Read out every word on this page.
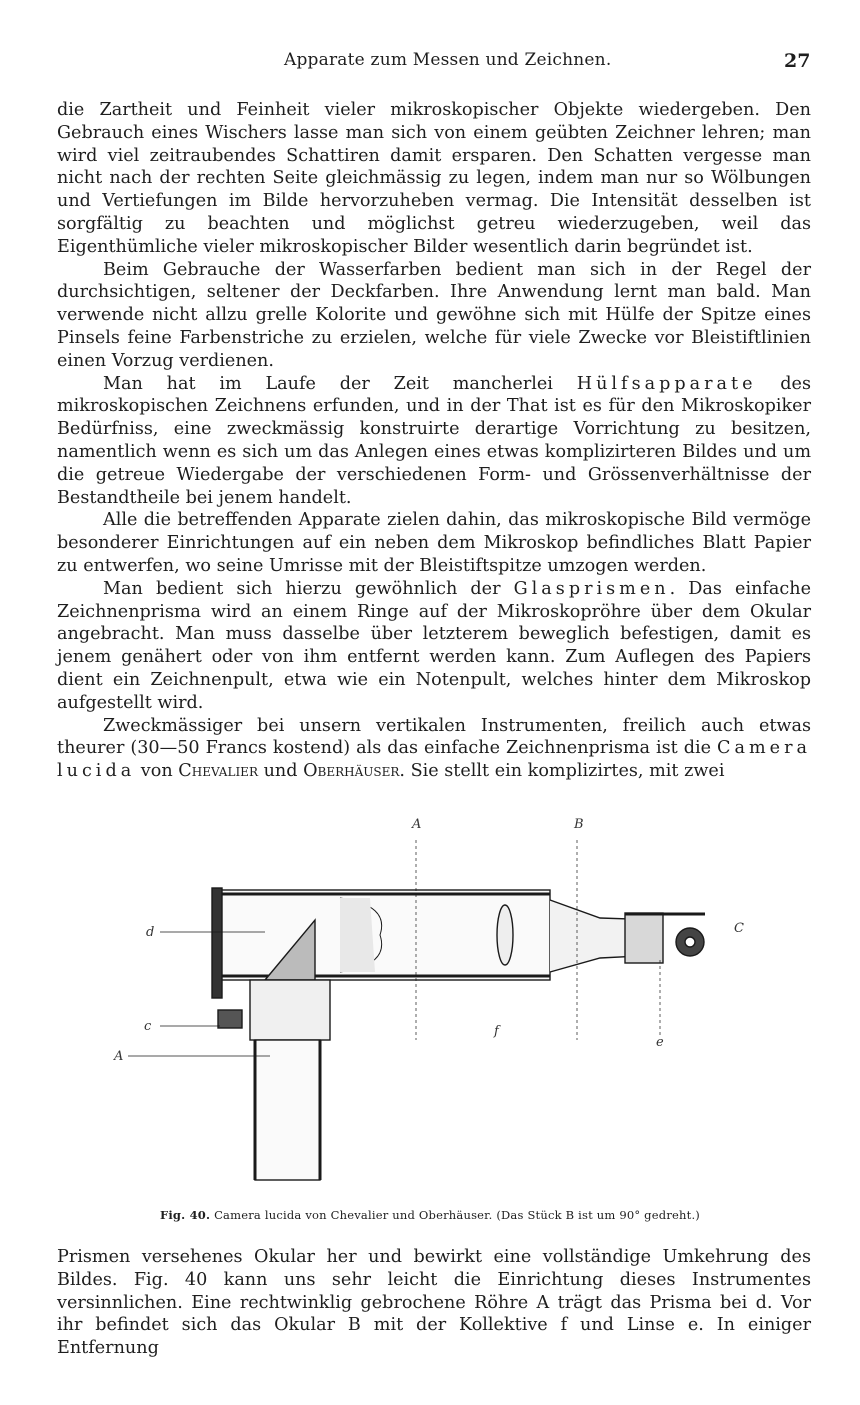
Apparate zum Messen und Zeichnen.	27

die Zartheit und Feinheit vieler mikroskopischer Objekte wiedergeben. Den Gebrauch eines Wischers lasse man sich von einem geübten Zeichner lehren; man wird viel zeitraubendes Schattiren damit ersparen. Den Schatten vergesse man nicht nach der rechten Seite gleichmässig zu legen, indem man nur so Wölbungen und Vertiefungen im Bilde hervorzuheben vermag. Die Intensität desselben ist sorgfältig zu beachten und möglichst getreu wiederzugeben, weil das Eigenthümliche vieler mikroskopischer Bilder wesentlich darin begründet ist.

Beim Gebrauche der Wasserfarben bedient man sich in der Regel der durchsichtigen, seltener der Deckfarben. Ihre Anwendung lernt man bald. Man verwende nicht allzu grelle Kolorite und gewöhne sich mit Hülfe der Spitze eines Pinsels feine Farbenstriche zu erzielen, welche für viele Zwecke vor Bleistiftlinien einen Vorzug verdienen.

Man hat im Laufe der Zeit mancherlei Hülfsapparate des mikroskopischen Zeichnens erfunden, und in der That ist es für den Mikroskopiker Bedürfniss, eine zweckmässig konstruirte derartige Vorrichtung zu besitzen, namentlich wenn es sich um das Anlegen eines etwas komplizirteren Bildes und um die getreue Wiedergabe der verschiedenen Form- und Grössenverhältnisse der Bestandtheile bei jenem handelt.

Alle die betreffenden Apparate zielen dahin, das mikroskopische Bild vermöge besonderer Einrichtungen auf ein neben dem Mikroskop befindliches Blatt Papier zu entwerfen, wo seine Umrisse mit der Bleistiftspitze umzogen werden.

Man bedient sich hierzu gewöhnlich der Glasprismen. Das einfache Zeichnenprisma wird an einem Ringe auf der Mikroskopröhre über dem Okular angebracht. Man muss dasselbe über letzterem beweglich befestigen, damit es jenem genähert oder von ihm entfernt werden kann. Zum Auflegen des Papiers dient ein Zeichnenpult, etwa wie ein Notenpult, welches hinter dem Mikroskop aufgestellt wird.

Zweckmässiger bei unsern vertikalen Instrumenten, freilich auch etwas theurer (30—50 Francs kostend) als das einfache Zeichnenprisma ist die Camera lucida von Chevalier und Oberhäuser. Sie stellt ein komplizirtes, mit zwei

A	B
d
c
A
f
e
C
Fig. 40. Camera lucida von Chevalier und Oberhäuser. (Das Stück B ist um 90° gedreht.)

Prismen versehenes Okular her und bewirkt eine vollständige Umkehrung des Bildes. Fig. 40 kann uns sehr leicht die Einrichtung dieses Instrumentes versinnlichen. Eine rechtwinklig gebrochene Röhre A trägt das Prisma bei d. Vor ihr befindet sich das Okular B mit der Kollektive f und Linse e. In einiger Entfernung
